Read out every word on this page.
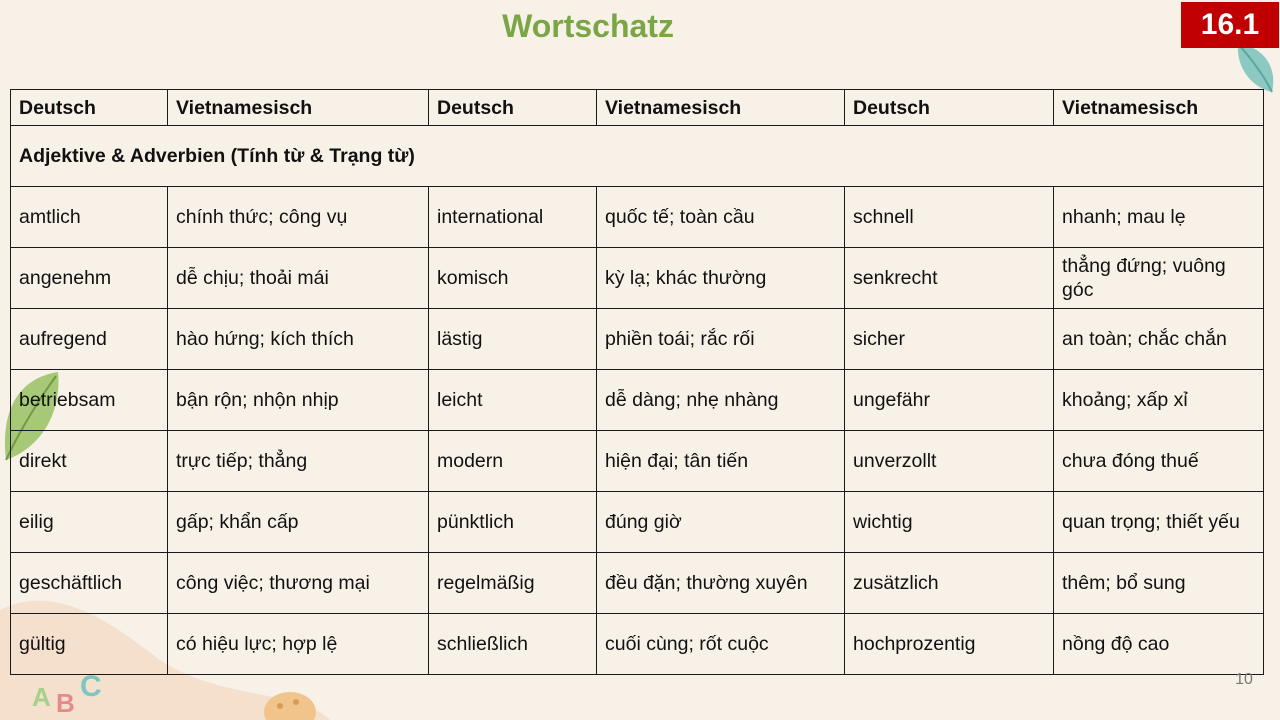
A B C
Wortschatz	16.1
Deutsch	Vietnamesisch	Deutsch	Vietnamesisch	Deutsch	Vietnamesisch
Adjektive & Adverbien (Tính từ & Trạng từ)					
amtlich	chính thức; công vụ	international	quốc tế; toàn cầu	schnell	nhanh; mau lẹ
angenehm	dễ chịu; thoải mái	komisch	kỳ lạ; khác thường	senkrecht	thẳng đứng; vuông góc
aufregend	hào hứng; kích thích	lästig	phiền toái; rắc rối	sicher	an toàn; chắc chắn
betriebsam	bận rộn; nhộn nhịp	leicht	dễ dàng; nhẹ nhàng	ungefähr	khoảng; xấp xỉ
direkt	trực tiếp; thẳng	modern	hiện đại; tân tiến	unverzollt	chưa đóng thuế
eilig	gấp; khẩn cấp	pünktlich	đúng giờ	wichtig	quan trọng; thiết yếu
geschäftlich	công việc; thương mại	regelmäßig	đều đặn; thường xuyên	zusätzlich	thêm; bổ sung
gültig	có hiệu lực; hợp lệ	schließlich	cuối cùng; rốt cuộc	hochprozentig	nồng độ cao
10
